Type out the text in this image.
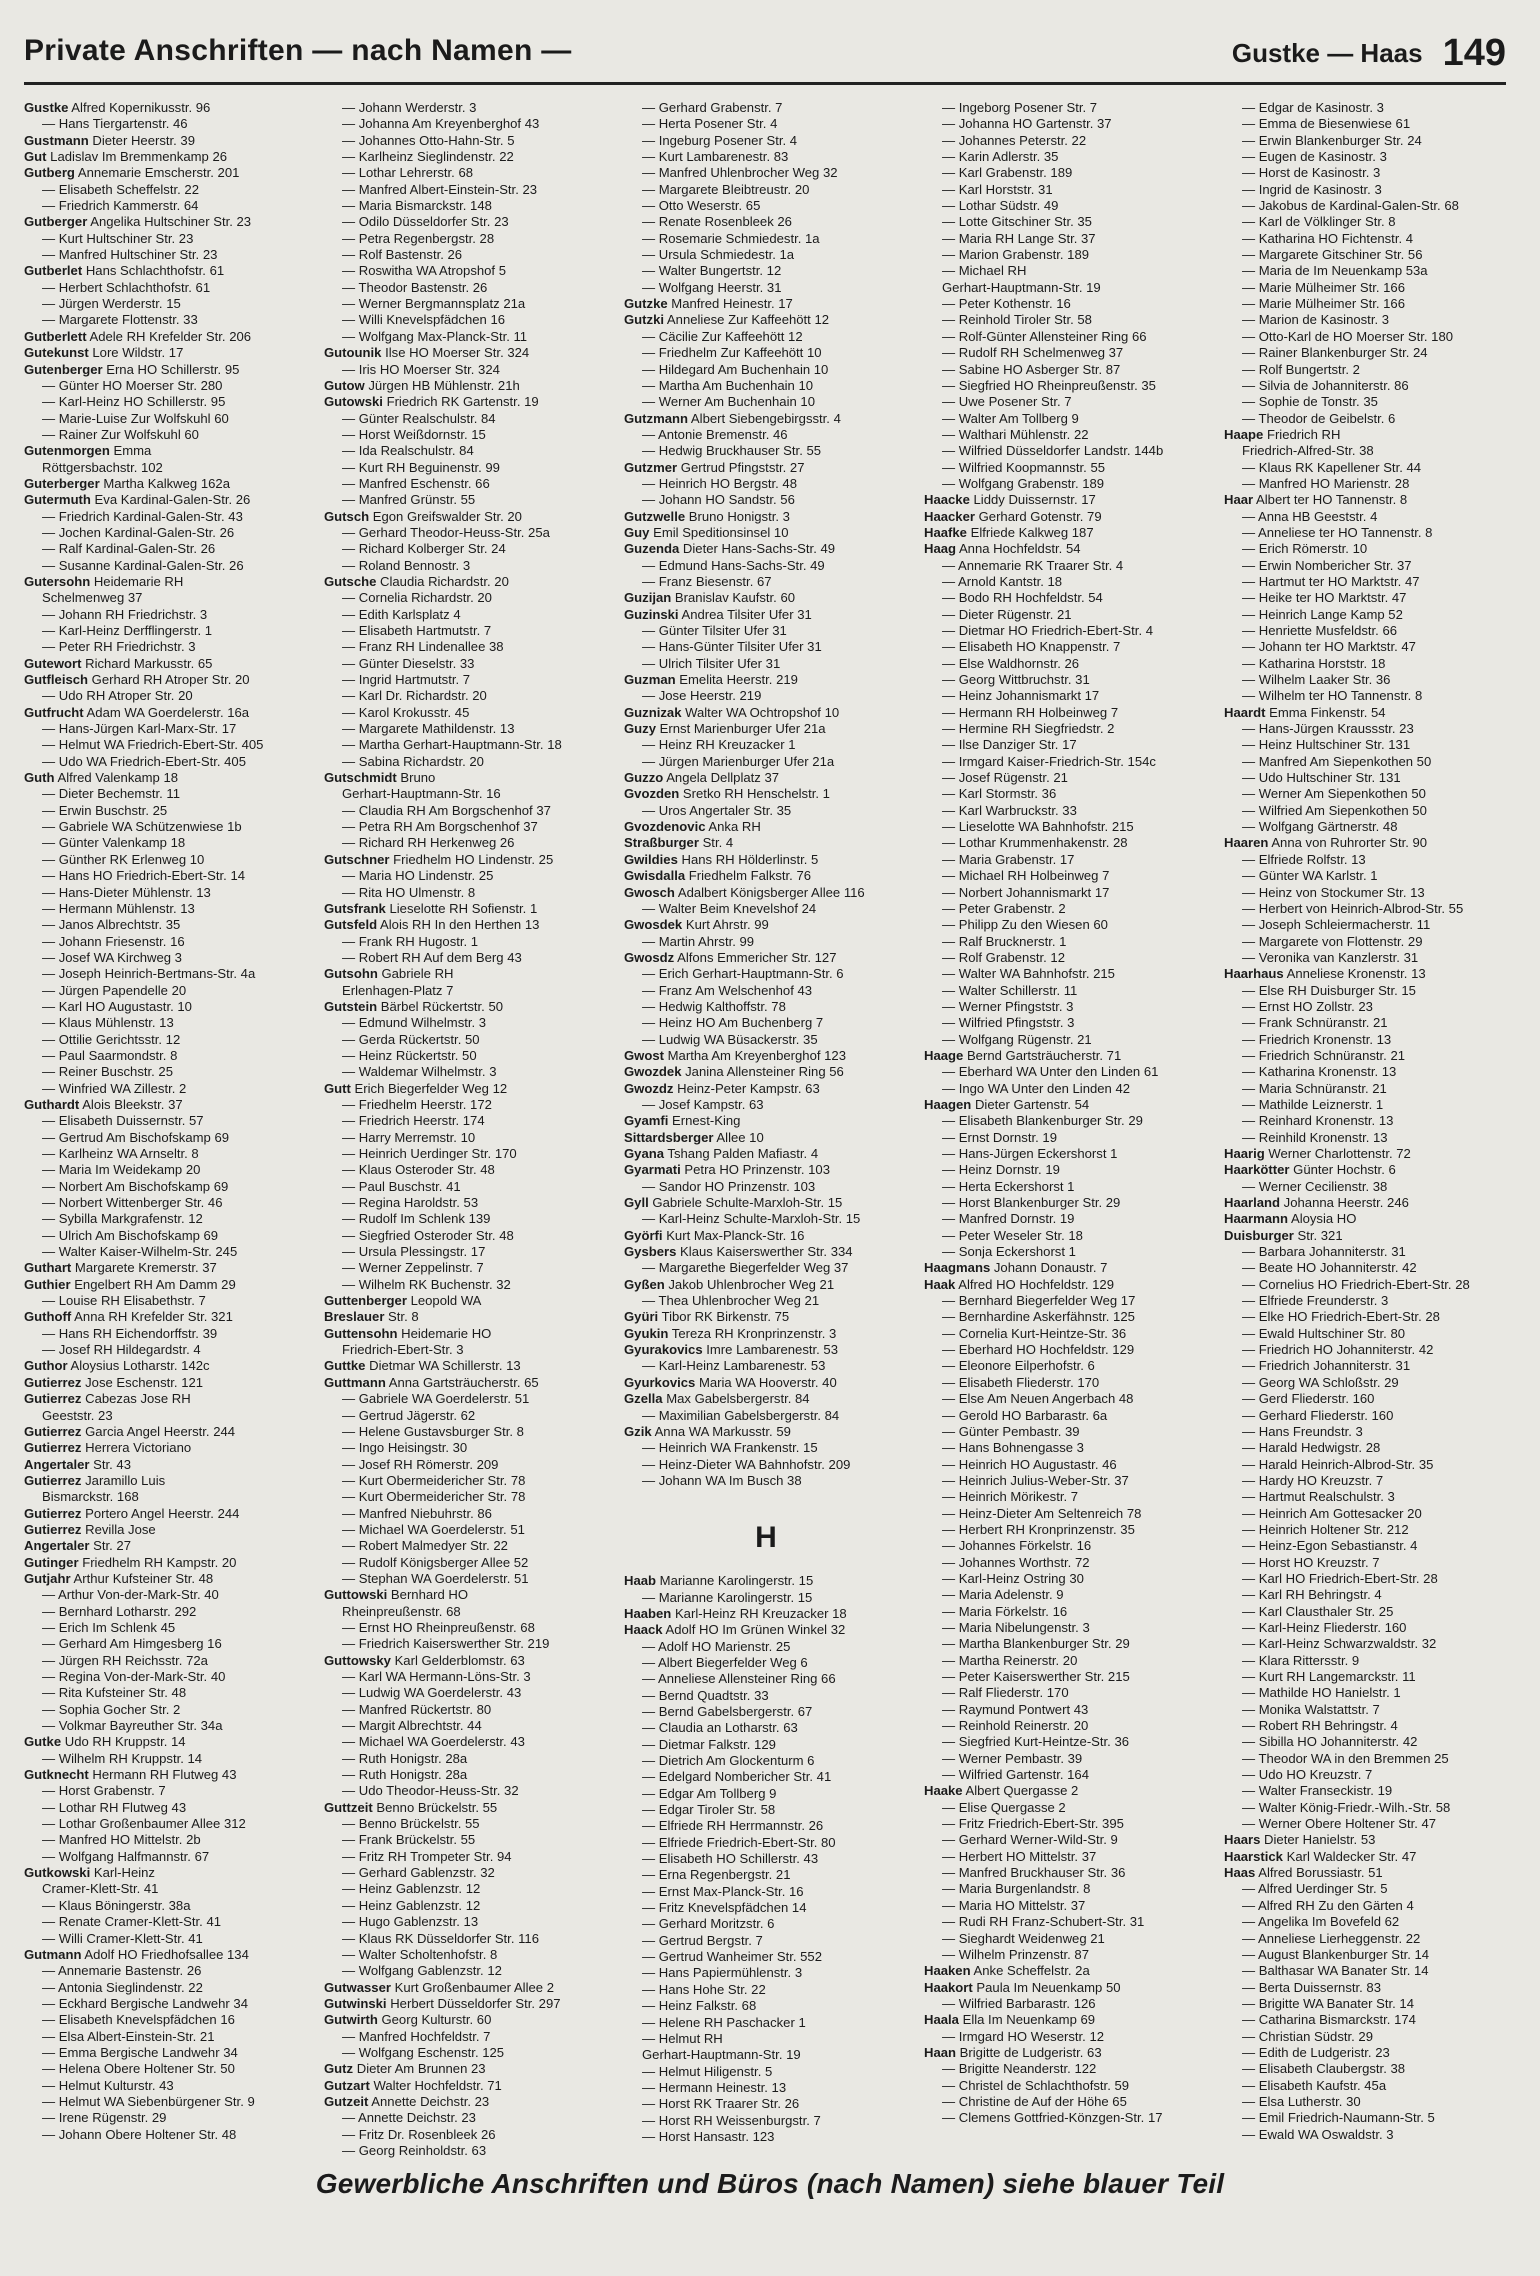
Private Anschriften — nach Namen —	Gustke — Haas 149
Gustke Alfred Kopernikusstr. 96
— Hans Tiergartenstr. 46
Gustmann Dieter Heerstr. 39
Gut Ladislav Im Bremmenkamp 26
Gutberg Annemarie Emscherstr. 201
— Elisabeth Scheffelstr. 22
— Friedrich Kammerstr. 64
Gutberger Angelika Hultschiner Str. 23
— Kurt Hultschiner Str. 23
— Manfred Hultschiner Str. 23
Gutberlet Hans Schlachthofstr. 61
— Herbert Schlachthofstr. 61
— Jürgen Werderstr. 15
— Margarete Flottenstr. 33
Gutberlett Adele RH Krefelder Str. 206
Gutekunst Lore Wildstr. 17
Gutenberger Erna HO Schillerstr. 95
— Günter HO Moerser Str. 280
— Karl-Heinz HO Schillerstr. 95
— Marie-Luise Zur Wolfskuhl 60
— Rainer Zur Wolfskuhl 60
Gutenmorgen Emma
Röttgersbachstr. 102
Guterberger Martha Kalkweg 162a
Gutermuth Eva Kardinal-Galen-Str. 26
— Friedrich Kardinal-Galen-Str. 43
— Jochen Kardinal-Galen-Str. 26
— Ralf Kardinal-Galen-Str. 26
— Susanne Kardinal-Galen-Str. 26
Gutersohn Heidemarie RH
Schelmenweg 37
— Johann RH Friedrichstr. 3
— Karl-Heinz Derfflingerstr. 1
— Peter RH Friedrichstr. 3
Gutewort Richard Markusstr. 65
Gutfleisch Gerhard RH Atroper Str. 20
— Udo RH Atroper Str. 20
Gutfrucht Adam WA Goerdelerstr. 16a
— Hans-Jürgen Karl-Marx-Str. 17
— Helmut WA Friedrich-Ebert-Str. 405
— Udo WA Friedrich-Ebert-Str. 405
Guth Alfred Valenkamp 18
— Dieter Bechemstr. 11
— Erwin Buschstr. 25
— Gabriele WA Schützenwiese 1b
— Günter Valenkamp 18
— Günther RK Erlenweg 10
— Hans HO Friedrich-Ebert-Str. 14
— Hans-Dieter Mühlenstr. 13
— Hermann Mühlenstr. 13
— Janos Albrechtstr. 35
— Johann Friesenstr. 16
— Josef WA Kirchweg 3
— Joseph Heinrich-Bertmans-Str. 4a
— Jürgen Papendelle 20
— Karl HO Augustastr. 10
— Klaus Mühlenstr. 13
— Ottilie Gerichtsstr. 12
— Paul Saarmondstr. 8
— Reiner Buschstr. 25
— Winfried WA Zillestr. 2
Guthardt Alois Bleekstr. 37
— Elisabeth Duissernstr. 57
— Gertrud Am Bischofskamp 69
— Karlheinz WA Arnseltr. 8
— Maria Im Weidekamp 20
— Norbert Am Bischofskamp 69
— Norbert Wittenberger Str. 46
— Sybilla Markgrafenstr. 12
— Ulrich Am Bischofskamp 69
— Walter Kaiser-Wilhelm-Str. 245
Guthart Margarete Kremerstr. 37
Guthier Engelbert RH Am Damm 29
— Louise RH Elisabethstr. 7
Guthoff Anna RH Krefelder Str. 321
— Hans RH Eichendorffstr. 39
— Josef RH Hildegardstr. 4
Guthor Aloysius Lotharstr. 142c
Gutierrez Jose Eschenstr. 121
Gutierrez Cabezas Jose RH
Geeststr. 23
Gutierrez Garcia Angel Heerstr. 244
Gutierrez Herrera Victoriano
Angertaler Str. 43
Gutierrez Jaramillo Luis
Bismarckstr. 168
Gutierrez Portero Angel Heerstr. 244
Gutierrez Revilla Jose
Angertaler Str. 27
Gutinger Friedhelm RH Kampstr. 20
Gutjahr Arthur Kufsteiner Str. 48
— Arthur Von-der-Mark-Str. 40
— Bernhard Lotharstr. 292
— Erich Im Schlenk 45
— Gerhard Am Himgesberg 16
— Jürgen RH Reichsstr. 72a
— Regina Von-der-Mark-Str. 40
— Rita Kufsteiner Str. 48
— Sophia Gocher Str. 2
— Volkmar Bayreuther Str. 34a
Gutke Udo RH Kruppstr. 14
— Wilhelm RH Kruppstr. 14
Gutknecht Hermann RH Flutweg 43
— Horst Grabenstr. 7
— Lothar RH Flutweg 43
— Lothar Großenbaumer Allee 312
— Manfred HO Mittelstr. 2b
— Wolfgang Halfmannstr. 67
Gutkowski Karl-Heinz
Cramer-Klett-Str. 41
— Klaus Böningerstr. 38a
— Renate Cramer-Klett-Str. 41
— Willi Cramer-Klett-Str. 41
Gutmann Adolf HO Friedhofsallee 134
— Annemarie Bastenstr. 26
— Antonia Sieglindenstr. 22
— Eckhard Bergische Landwehr 34
— Elisabeth Knevelspfädchen 16
— Elsa Albert-Einstein-Str. 21
— Emma Bergische Landwehr 34
— Helena Obere Holtener Str. 50
— Helmut Kulturstr. 43
— Helmut WA Siebenbürgener Str. 9
— Irene Rügenstr. 29
— Johann Obere Holtener Str. 48
— Johann Werderstr. 3
— Johanna Am Kreyenberghof 43
— Johannes Otto-Hahn-Str. 5
— Karlheinz Sieglindenstr. 22
— Lothar Lehrerstr. 68
— Manfred Albert-Einstein-Str. 23
— Maria Bismarckstr. 148
— Odilo Düsseldorfer Str. 23
— Petra Regenbergstr. 28
— Rolf Bastenstr. 26
— Roswitha WA Atropshof 5
— Theodor Bastenstr. 26
— Werner Bergmannsplatz 21a
— Willi Knevelspfädchen 16
— Wolfgang Max-Planck-Str. 11
Gutounik Ilse HO Moerser Str. 324
— Iris HO Moerser Str. 324
Gutow Jürgen HB Mühlenstr. 21h
Gutowski Friedrich RK Gartenstr. 19
— Günter Realschulstr. 84
— Horst Weißdornstr. 15
— Ida Realschulstr. 84
— Kurt RH Beguinenstr. 99
— Manfred Eschenstr. 66
— Manfred Grünstr. 55
Gutsch Egon Greifswalder Str. 20
— Gerhard Theodor-Heuss-Str. 25a
— Richard Kolberger Str. 24
— Roland Bennostr. 3
Gutsche Claudia Richardstr. 20
— Cornelia Richardstr. 20
— Edith Karlsplatz 4
— Elisabeth Hartmutstr. 7
— Franz RH Lindenallee 38
— Günter Dieselstr. 33
— Ingrid Hartmutstr. 7
— Karl Dr. Richardstr. 20
— Karol Krokusstr. 45
— Margarete Mathildenstr. 13
— Martha Gerhart-Hauptmann-Str. 18
— Sabina Richardstr. 20
Gutschmidt Bruno
Gerhart-Hauptmann-Str. 16
— Claudia RH Am Borgschenhof 37
— Petra RH Am Borgschenhof 37
— Richard RH Herkenweg 26
Gutschner Friedhelm HO Lindenstr. 25
— Maria HO Lindenstr. 25
— Rita HO Ulmenstr. 8
Gutsfrank Lieselotte RH Sofienstr. 1
Gutsfeld Alois RH In den Herthen 13
— Frank RH Hugostr. 1
— Robert RH Auf dem Berg 43
Gutsohn Gabriele RH
Erlenhagen-Platz 7
Gutstein Bärbel Rückertstr. 50
— Edmund Wilhelmstr. 3
— Gerda Rückertstr. 50
— Heinz Rückertstr. 50
— Waldemar Wilhelmstr. 3
Gutt Erich Biegerfelder Weg 12
— Friedhelm Heerstr. 172
— Friedrich Heerstr. 174
— Harry Merremstr. 10
— Heinrich Uerdinger Str. 170
— Klaus Osteroder Str. 48
— Paul Buschstr. 41
— Regina Haroldstr. 53
— Rudolf Im Schlenk 139
— Siegfried Osteroder Str. 48
— Ursula Plessingstr. 17
— Werner Zeppelinstr. 7
— Wilhelm RK Buchenstr. 32
Guttenberger Leopold WA
Breslauer Str. 8
Guttensohn Heidemarie HO
Friedrich-Ebert-Str. 3
Guttke Dietmar WA Schillerstr. 13
Guttmann Anna Gartsträucherstr. 65
— Gabriele WA Goerdelerstr. 51
— Gertrud Jägerstr. 62
— Helene Gustavsburger Str. 8
— Ingo Heisingstr. 30
— Josef RH Römerstr. 209
— Kurt Obermeidericher Str. 78
— Kurt Obermeidericher Str. 78
— Manfred Niebuhrstr. 86
— Michael WA Goerdelerstr. 51
— Robert Malmedyer Str. 22
— Rudolf Königsberger Allee 52
— Stephan WA Goerdelerstr. 51
Guttowski Bernhard HO
Rheinpreußenstr. 68
— Ernst HO Rheinpreußenstr. 68
— Friedrich Kaiserswerther Str. 219
Guttowsky Karl Gelderblomstr. 63
— Karl WA Hermann-Löns-Str. 3
— Ludwig WA Goerdelerstr. 43
— Manfred Rückertstr. 80
— Margit Albrechtstr. 44
— Michael WA Goerdelerstr. 43
— Ruth Honigstr. 28a
— Ruth Honigstr. 28a
— Udo Theodor-Heuss-Str. 32
Guttzeit Benno Brückelstr. 55
— Benno Brückelstr. 55
— Frank Brückelstr. 55
— Fritz RH Trompeter Str. 94
— Gerhard Gablenzstr. 32
— Heinz Gablenzstr. 12
— Heinz Gablenzstr. 12
— Hugo Gablenzstr. 13
— Klaus RK Düsseldorfer Str. 116
— Walter Scholtenhofstr. 8
— Wolfgang Gablenzstr. 12
Gutwasser Kurt Großenbaumer Allee 2
Gutwinski Herbert Düsseldorfer Str. 297
Gutwirth Georg Kulturstr. 60
— Manfred Hochfeldstr. 7
— Wolfgang Eschenstr. 125
Gutz Dieter Am Brunnen 23
Gutzart Walter Hochfeldstr. 71
Gutzeit Annette Deichstr. 23
— Annette Deichstr. 23
— Fritz Dr. Rosenbleek 26
— Georg Reinholdstr. 63
— Gerhard Grabenstr. 7
— Herta Posener Str. 4
— Ingeburg Posener Str. 4
— Kurt Lambarenestr. 83
— Manfred Uhlenbrocher Weg 32
— Margarete Bleibtreustr. 20
— Otto Weserstr. 65
— Renate Rosenbleek 26
— Rosemarie Schmiedestr. 1a
— Ursula Schmiedestr. 1a
— Walter Bungertstr. 12
— Wolfgang Heerstr. 31
Gutzke Manfred Heinestr. 17
Gutzki Anneliese Zur Kaffeehött 12
— Cäcilie Zur Kaffeehött 12
— Friedhelm Zur Kaffeehött 10
— Hildegard Am Buchenhain 10
— Martha Am Buchenhain 10
— Werner Am Buchenhain 10
Gutzmann Albert Siebengebirgsstr. 4
— Antonie Bremenstr. 46
— Hedwig Bruckhauser Str. 55
Gutzmer Gertrud Pfingststr. 27
— Heinrich HO Bergstr. 48
— Johann HO Sandstr. 56
Gutzwelle Bruno Honigstr. 3
Guy Emil Speditionsinsel 10
Guzenda Dieter Hans-Sachs-Str. 49
— Edmund Hans-Sachs-Str. 49
— Franz Biesenstr. 67
Guzijan Branislav Kaufstr. 60
Guzinski Andrea Tilsiter Ufer 31
— Günter Tilsiter Ufer 31
— Hans-Günter Tilsiter Ufer 31
— Ulrich Tilsiter Ufer 31
Guzman Emelita Heerstr. 219
— Jose Heerstr. 219
Guznizak Walter WA Ochtropshof 10
Guzy Ernst Marienburger Ufer 21a
— Heinz RH Kreuzacker 1
— Jürgen Marienburger Ufer 21a
Guzzo Angela Dellplatz 37
Gvozden Sretko RH Henschelstr. 1
— Uros Angertaler Str. 35
Gvozdenovic Anka RH
Straßburger Str. 4
Gwildies Hans RH Hölderlinstr. 5
Gwisdalla Friedhelm Falkstr. 76
Gwosch Adalbert Königsberger Allee 116
— Walter Beim Knevelshof 24
Gwosdek Kurt Ahrstr. 99
— Martin Ahrstr. 99
Gwosdz Alfons Emmericher Str. 127
— Erich Gerhart-Hauptmann-Str. 6
— Franz Am Welschenhof 43
— Hedwig Kalthoffstr. 78
— Heinz HO Am Buchenberg 7
— Ludwig WA Büsackerstr. 35
Gwost Martha Am Kreyenberghof 123
Gwozdek Janina Allensteiner Ring 56
Gwozdz Heinz-Peter Kampstr. 63
— Josef Kampstr. 63
Gyamfi Ernest-King
Sittardsberger Allee 10
Gyana Tshang Palden Mafiastr. 4
Gyarmati Petra HO Prinzenstr. 103
— Sandor HO Prinzenstr. 103
Gyll Gabriele Schulte-Marxloh-Str. 15
— Karl-Heinz Schulte-Marxloh-Str. 15
Györfi Kurt Max-Planck-Str. 16
Gysbers Klaus Kaiserswerther Str. 334
— Margarethe Biegerfelder Weg 37
Gyßen Jakob Uhlenbrocher Weg 21
— Thea Uhlenbrocher Weg 21
Gyüri Tibor RK Birkenstr. 75
Gyukin Tereza RH Kronprinzenstr. 3
Gyurakovics Imre Lambarenestr. 53
— Karl-Heinz Lambarenestr. 53
Gyurkovics Maria WA Hooverstr. 40
Gzella Max Gabelsbergerstr. 84
— Maximilian Gabelsbergerstr. 84
Gzik Anna WA Markusstr. 59
— Heinrich WA Frankenstr. 15
— Heinz-Dieter WA Bahnhofstr. 209
— Johann WA Im Busch 38
H
Haab Marianne Karolingerstr. 15
— Marianne Karolingerstr. 15
Haaben Karl-Heinz RH Kreuzacker 18
Haack Adolf HO Im Grünen Winkel 32
— Adolf HO Marienstr. 25
— Albert Biegerfelder Weg 6
— Anneliese Allensteiner Ring 66
— Bernd Quadtstr. 33
— Bernd Gabelsbergerstr. 67
— Claudia an Lotharstr. 63
— Dietmar Falkstr. 129
— Dietrich Am Glockenturm 6
— Edelgard Nombericher Str. 41
— Edgar Am Tollberg 9
— Edgar Tiroler Str. 58
— Elfriede RH Herrmannstr. 26
— Elfriede Friedrich-Ebert-Str. 80
— Elisabeth HO Schillerstr. 43
— Erna Regenbergstr. 21
— Ernst Max-Planck-Str. 16
— Fritz Knevelspfädchen 14
— Gerhard Moritzstr. 6
— Gertrud Bergstr. 7
— Gertrud Wanheimer Str. 552
— Hans Papiermühlenstr. 3
— Hans Hohe Str. 22
— Heinz Falkstr. 68
— Helene RH Paschacker 1
— Helmut RH
Gerhart-Hauptmann-Str. 19
— Helmut Hiligenstr. 5
— Hermann Heinestr. 13
— Horst RK Traarer Str. 26
— Horst RH Weissenburgstr. 7
— Horst Hansastr. 123
— Ingeborg Posener Str. 7
— Johanna HO Gartenstr. 37
— Johannes Peterstr. 22
— Karin Adlerstr. 35
— Karl Grabenstr. 189
— Karl Horststr. 31
— Lothar Südstr. 49
— Lotte Gitschiner Str. 35
— Maria RH Lange Str. 37
— Marion Grabenstr. 189
— Michael RH
Gerhart-Hauptmann-Str. 19
— Peter Kothenstr. 16
— Reinhold Tiroler Str. 58
— Rolf-Günter Allensteiner Ring 66
— Rudolf RH Schelmenweg 37
— Sabine HO Asberger Str. 87
— Siegfried HO Rheinpreußenstr. 35
— Uwe Posener Str. 7
— Walter Am Tollberg 9
— Walthari Mühlenstr. 22
— Wilfried Düsseldorfer Landstr. 144b
— Wilfried Koopmannstr. 55
— Wolfgang Grabenstr. 189
Haacke Liddy Duissernstr. 17
Haacker Gerhard Gotenstr. 79
Haafke Elfriede Kalkweg 187
Haag Anna Hochfeldstr. 54
— Annemarie RK Traarer Str. 4
— Arnold Kantstr. 18
— Bodo RH Hochfeldstr. 54
— Dieter Rügenstr. 21
— Dietmar HO Friedrich-Ebert-Str. 4
— Elisabeth HO Knappenstr. 7
— Else Waldhornstr. 26
— Georg Wittbruchstr. 31
— Heinz Johannismarkt 17
— Hermann RH Holbeinweg 7
— Hermine RH Siegfriedstr. 2
— Ilse Danziger Str. 17
— Irmgard Kaiser-Friedrich-Str. 154c
— Josef Rügenstr. 21
— Karl Stormstr. 36
— Karl Warbruckstr. 33
— Lieselotte WA Bahnhofstr. 215
— Lothar Krummenhakenstr. 28
— Maria Grabenstr. 17
— Michael RH Holbeinweg 7
— Norbert Johannismarkt 17
— Peter Grabenstr. 2
— Philipp Zu den Wiesen 60
— Ralf Brucknerstr. 1
— Rolf Grabenstr. 12
— Walter WA Bahnhofstr. 215
— Walter Schillerstr. 11
— Werner Pfingststr. 3
— Wilfried Pfingststr. 3
— Wolfgang Rügenstr. 21
Haage Bernd Gartsträucherstr. 71
— Eberhard WA Unter den Linden 61
— Ingo WA Unter den Linden 42
Haagen Dieter Gartenstr. 54
— Elisabeth Blankenburger Str. 29
— Ernst Dornstr. 19
— Hans-Jürgen Eckershorst 1
— Heinz Dornstr. 19
— Herta Eckershorst 1
— Horst Blankenburger Str. 29
— Manfred Dornstr. 19
— Peter Weseler Str. 18
— Sonja Eckershorst 1
Haagmans Johann Donaustr. 7
Haak Alfred HO Hochfeldstr. 129
— Bernhard Biegerfelder Weg 17
— Bernhardine Askerfähnstr. 125
— Cornelia Kurt-Heintze-Str. 36
— Eberhard HO Hochfeldstr. 129
— Eleonore Eilperhofstr. 6
— Elisabeth Fliederstr. 170
— Else Am Neuen Angerbach 48
— Gerold HO Barbarastr. 6a
— Günter Pembastr. 39
— Hans Bohnengasse 3
— Heinrich HO Augustastr. 46
— Heinrich Julius-Weber-Str. 37
— Heinrich Mörikestr. 7
— Heinz-Dieter Am Seltenreich 78
— Herbert RH Kronprinzenstr. 35
— Johannes Förkelstr. 16
— Johannes Worthstr. 72
— Karl-Heinz Ostring 30
— Maria Adelenstr. 9
— Maria Förkelstr. 16
— Maria Nibelungenstr. 3
— Martha Blankenburger Str. 29
— Martha Reinerstr. 20
— Peter Kaiserswerther Str. 215
— Ralf Fliederstr. 170
— Raymund Pontwert 43
— Reinhold Reinerstr. 20
— Siegfried Kurt-Heintze-Str. 36
— Werner Pembastr. 39
— Wilfried Gartenstr. 164
Haake Albert Quergasse 2
— Elise Quergasse 2
— Fritz Friedrich-Ebert-Str. 395
— Gerhard Werner-Wild-Str. 9
— Herbert HO Mittelstr. 37
— Manfred Bruckhauser Str. 36
— Maria Burgenlandstr. 8
— Maria HO Mittelstr. 37
— Rudi RH Franz-Schubert-Str. 31
— Sieghardt Weidenweg 21
— Wilhelm Prinzenstr. 87
Haaken Anke Scheffelstr. 2a
Haakort Paula Im Neuenkamp 50
— Wilfried Barbarastr. 126
Haala Ella Im Neuenkamp 69
— Irmgard HO Weserstr. 12
Haan Brigitte de Ludgeristr. 63
— Brigitte Neanderstr. 122
— Christel de Schlachthofstr. 59
— Christine de Auf der Höhe 65
— Clemens Gottfried-Könzgen-Str. 17
— Edgar de Kasinostr. 3
— Emma de Biesenwiese 61
— Erwin Blankenburger Str. 24
— Eugen de Kasinostr. 3
— Horst de Kasinostr. 3
— Ingrid de Kasinostr. 3
— Jakobus de Kardinal-Galen-Str. 68
— Karl de Völklinger Str. 8
— Katharina HO Fichtenstr. 4
— Margarete Gitschiner Str. 56
— Maria de Im Neuenkamp 53a
— Marie Mülheimer Str. 166
— Marie Mülheimer Str. 166
— Marion de Kasinostr. 3
— Otto-Karl de HO Moerser Str. 180
— Rainer Blankenburger Str. 24
— Rolf Bungertstr. 2
— Silvia de Johanniterstr. 86
— Sophie de Tonstr. 35
— Theodor de Geibelstr. 6
Haape Friedrich RH
Friedrich-Alfred-Str. 38
— Klaus RK Kapellener Str. 44
— Manfred HO Marienstr. 28
Haar Albert ter HO Tannenstr. 8
— Anna HB Geeststr. 4
— Anneliese ter HO Tannenstr. 8
— Erich Römerstr. 10
— Erwin Nombericher Str. 37
— Hartmut ter HO Marktstr. 47
— Heike ter HO Marktstr. 47
— Heinrich Lange Kamp 52
— Henriette Musfeldstr. 66
— Johann ter HO Marktstr. 47
— Katharina Horststr. 18
— Wilhelm Laaker Str. 36
— Wilhelm ter HO Tannenstr. 8
Haardt Emma Finkenstr. 54
— Hans-Jürgen Kraussstr. 23
— Heinz Hultschiner Str. 131
— Manfred Am Siepenkothen 50
— Udo Hultschiner Str. 131
— Werner Am Siepenkothen 50
— Wilfried Am Siepenkothen 50
— Wolfgang Gärtnerstr. 48
Haaren Anna von Ruhrorter Str. 90
— Elfriede Rolfstr. 13
— Günter WA Karlstr. 1
— Heinz von Stockumer Str. 13
— Herbert von Heinrich-Albrod-Str. 55
— Joseph Schleiermacherstr. 11
— Margarete von Flottenstr. 29
— Veronika van Kanzlerstr. 31
Haarhaus Anneliese Kronenstr. 13
— Else RH Duisburger Str. 15
— Ernst HO Zollstr. 23
— Frank Schnüranstr. 21
— Friedrich Kronenstr. 13
— Friedrich Schnüranstr. 21
— Katharina Kronenstr. 13
— Maria Schnüranstr. 21
— Mathilde Leiznerstr. 1
— Reinhard Kronenstr. 13
— Reinhild Kronenstr. 13
Haarig Werner Charlottenstr. 72
Haarkötter Günter Hochstr. 6
— Werner Cecilienstr. 38
Haarland Johanna Heerstr. 246
Haarmann Aloysia HO
Duisburger Str. 321
— Barbara Johanniterstr. 31
— Beate HO Johanniterstr. 42
— Cornelius HO Friedrich-Ebert-Str. 28
— Elfriede Freunderstr. 3
— Elke HO Friedrich-Ebert-Str. 28
— Ewald Hultschiner Str. 80
— Friedrich HO Johanniterstr. 42
— Friedrich Johanniterstr. 31
— Georg WA Schloßstr. 29
— Gerd Fliederstr. 160
— Gerhard Fliederstr. 160
— Hans Freundstr. 3
— Harald Hedwigstr. 28
— Harald Heinrich-Albrod-Str. 35
— Hardy HO Kreuzstr. 7
— Hartmut Realschulstr. 3
— Heinrich Am Gottesacker 20
— Heinrich Holtener Str. 212
— Heinz-Egon Sebastianstr. 4
— Horst HO Kreuzstr. 7
— Karl HO Friedrich-Ebert-Str. 28
— Karl RH Behringstr. 4
— Karl Clausthaler Str. 25
— Karl-Heinz Fliederstr. 160
— Karl-Heinz Schwarzwaldstr. 32
— Klara Rittersstr. 9
— Kurt RH Langemarckstr. 11
— Mathilde HO Hanielstr. 1
— Monika Walstattstr. 7
— Robert RH Behringstr. 4
— Sibilla HO Johanniterstr. 42
— Theodor WA in den Bremmen 25
— Udo HO Kreuzstr. 7
— Walter Franseckistr. 19
— Walter König-Friedr.-Wilh.-Str. 58
— Werner Obere Holtener Str. 47
Haars Dieter Hanielstr. 53
Haarstick Karl Waldecker Str. 47
Haas Alfred Borussiastr. 51
— Alfred Uerdinger Str. 5
— Alfred RH Zu den Gärten 4
— Angelika Im Bovefeld 62
— Anneliese Lierheggenstr. 22
— August Blankenburger Str. 14
— Balthasar WA Banater Str. 14
— Berta Duissernstr. 83
— Brigitte WA Banater Str. 14
— Catharina Bismarckstr. 174
— Christian Südstr. 29
— Edith de Ludgeristr. 23
— Elisabeth Claubergstr. 38
— Elisabeth Kaufstr. 45a
— Elsa Lutherstr. 30
— Emil Friedrich-Naumann-Str. 5
— Ewald WA Oswaldstr. 3
Gewerbliche Anschriften und Büros (nach Namen) siehe blauer Teil
